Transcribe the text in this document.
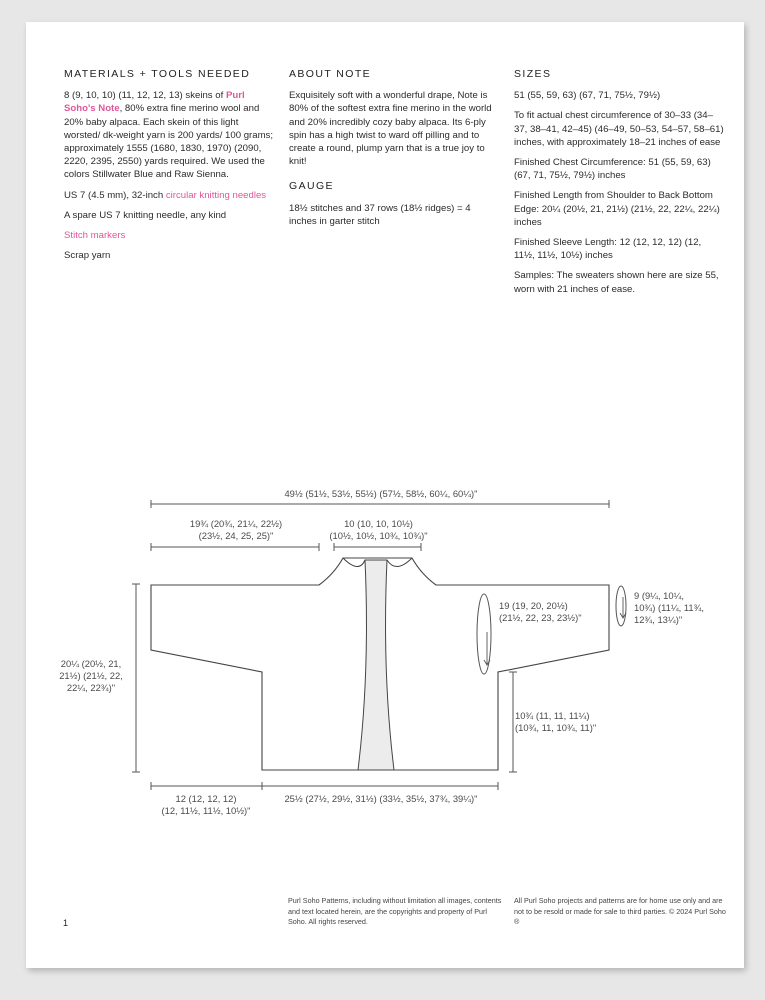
MATERIALS + TOOLS NEEDED

8 (9, 10, 10) (11, 12, 12, 13) skeins of Purl Soho's Note, 80% extra fine merino wool and 20% baby alpaca. Each skein of this light worsted/ dk-weight yarn is 200 yards/ 100 grams; approximately 1555 (1680, 1830, 1970) (2090, 2220, 2395, 2550) yards required. We used the colors Stillwater Blue and Raw Sienna.

US 7 (4.5 mm), 32-inch circular knitting needles

A spare US 7 knitting needle, any kind

Stitch markers

Scrap yarn

ABOUT NOTE

Exquisitely soft with a wonderful drape, Note is 80% of the softest extra fine merino in the world and 20% incredibly cozy baby alpaca. Its 6-ply spin has a high twist to ward off pilling and to create a round, plump yarn that is a true joy to knit!

GAUGE

18½ stitches and 37 rows (18½ ridges) = 4 inches in garter stitch

SIZES

51 (55, 59, 63) (67, 71, 75½, 79½)

To fit actual chest circumference of 30–33 (34–37, 38–41, 42–45) (46–49, 50–53, 54–57, 58–61) inches, with approximately 18–21 inches of ease

Finished Chest Circumference: 51 (55, 59, 63) (67, 71, 75½, 79½) inches

Finished Length from Shoulder to Back Bottom Edge: 20¼ (20½, 21, 21½) (21½, 22, 22¼, 22¼) inches

Finished Sleeve Length: 12 (12, 12, 12) (12, 11½, 11½, 10½) inches

Samples: The sweaters shown here are size 55, worn with 21 inches of ease.

49½ (51½, 53½, 55½) (57½, 58½, 60¼, 60¼)"
19¾ (20¾, 21¼, 22½)
(23½, 24, 25, 25)"
10 (10, 10, 10½)
(10½, 10½, 10¾, 10¾)"
19 (19, 20, 20½)
(21½, 22, 23, 23½)"
9 (9¼, 10¼,
10¾) (11¼, 11¾,
12¾, 13¼)"
20¼ (20½, 21,
21½) (21½, 22,
22¼, 22¾)"
10¾ (11, 11, 11¼)
(10¾, 11, 10¾, 11)"
12 (12, 12, 12)
(12, 11½, 11½, 10½)"
25½ (27½, 29½, 31½) (33½, 35½, 37¾, 39¼)"
Purl Soho Patterns, including without limitation all images, contents and text located herein, are the copyrights and property of Purl Soho. All rights reserved.
All Purl Soho projects and patterns are for home use only and are not to be resold or made for sale to third parties. © 2024 Purl Soho ®
1
